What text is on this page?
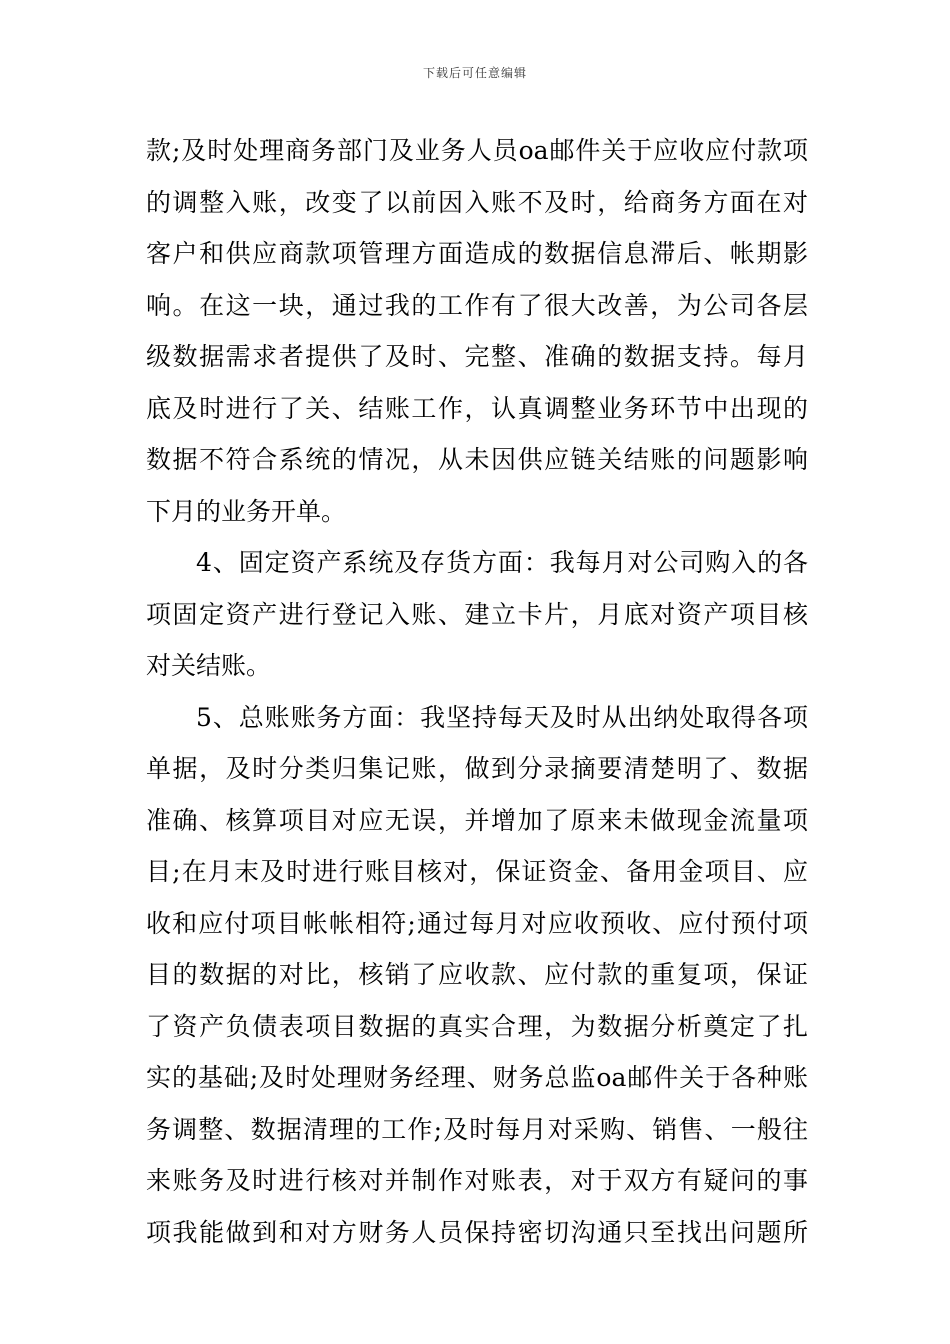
下载后可任意编辑
款;及时处理商务部门及业务人员oa邮件关于应收应付款项
的调整入账，改变了以前因入账不及时，给商务方面在对
客户和供应商款项管理方面造成的数据信息滞后、帐期影
响。在这一块，通过我的工作有了很大改善，为公司各层
级数据需求者提供了及时、完整、准确的数据支持。每月
底及时进行了关、结账工作，认真调整业务环节中出现的
数据不符合系统的情况，从未因供应链关结账的问题影响
下月的业务开单。
4、固定资产系统及存货方面：我每月对公司购入的各
项固定资产进行登记入账、建立卡片，月底对资产项目核
对关结账。
5、总账账务方面：我坚持每天及时从出纳处取得各项
单据，及时分类归集记账，做到分录摘要清楚明了、数据
准确、核算项目对应无误，并增加了原来未做现金流量项
目;在月末及时进行账目核对，保证资金、备用金项目、应
收和应付项目帐帐相符;通过每月对应收预收、应付预付项
目的数据的对比，核销了应收款、应付款的重复项，保证
了资产负债表项目数据的真实合理，为数据分析奠定了扎
实的基础;及时处理财务经理、财务总监oa邮件关于各种账
务调整、数据清理的工作;及时每月对采购、销售、一般往
来账务及时进行核对并制作对账表，对于双方有疑问的事
项我能做到和对方财务人员保持密切沟通只至找出问题所
